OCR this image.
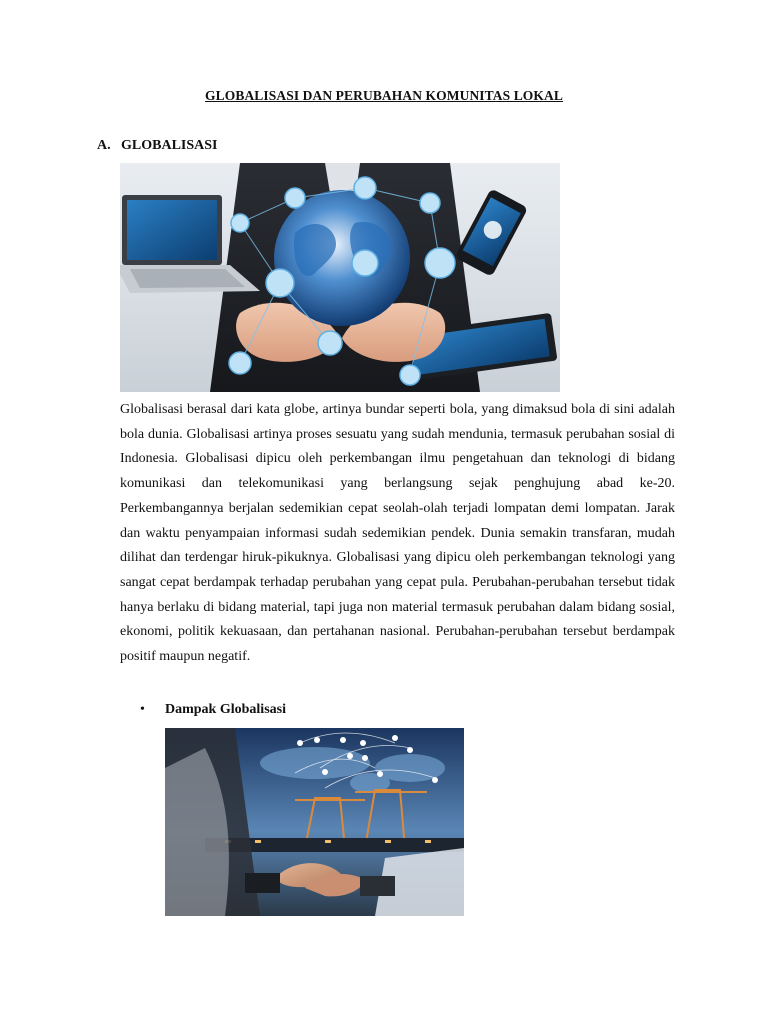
GLOBALISASI DAN PERUBAHAN KOMUNITAS LOKAL
A. GLOBALISASI
Globalisasi berasal dari kata globe, artinya bundar seperti bola, yang dimaksud bola di sini adalah bola dunia. Globalisasi artinya proses sesuatu yang sudah mendunia, termasuk perubahan sosial di Indonesia. Globalisasi dipicu oleh perkembangan ilmu pengetahuan dan teknologi di bidang komunikasi dan telekomunikasi yang berlangsung sejak penghujung abad ke-20. Perkembangannya berjalan sedemikian cepat seolah-olah terjadi lompatan demi lompatan. Jarak dan waktu penyampaian informasi sudah sedemikian pendek. Dunia semakin transfaran, mudah dilihat dan terdengar hiruk-pikuknya. Globalisasi yang dipicu oleh perkembangan teknologi yang sangat cepat berdampak terhadap perubahan yang cepat pula. Perubahan-perubahan tersebut tidak hanya berlaku di bidang material, tapi juga non material termasuk perubahan dalam bidang sosial, ekonomi, politik kekuasaan, dan pertahanan nasional. Perubahan-perubahan tersebut berdampak positif maupun negatif.
• Dampak Globalisasi
